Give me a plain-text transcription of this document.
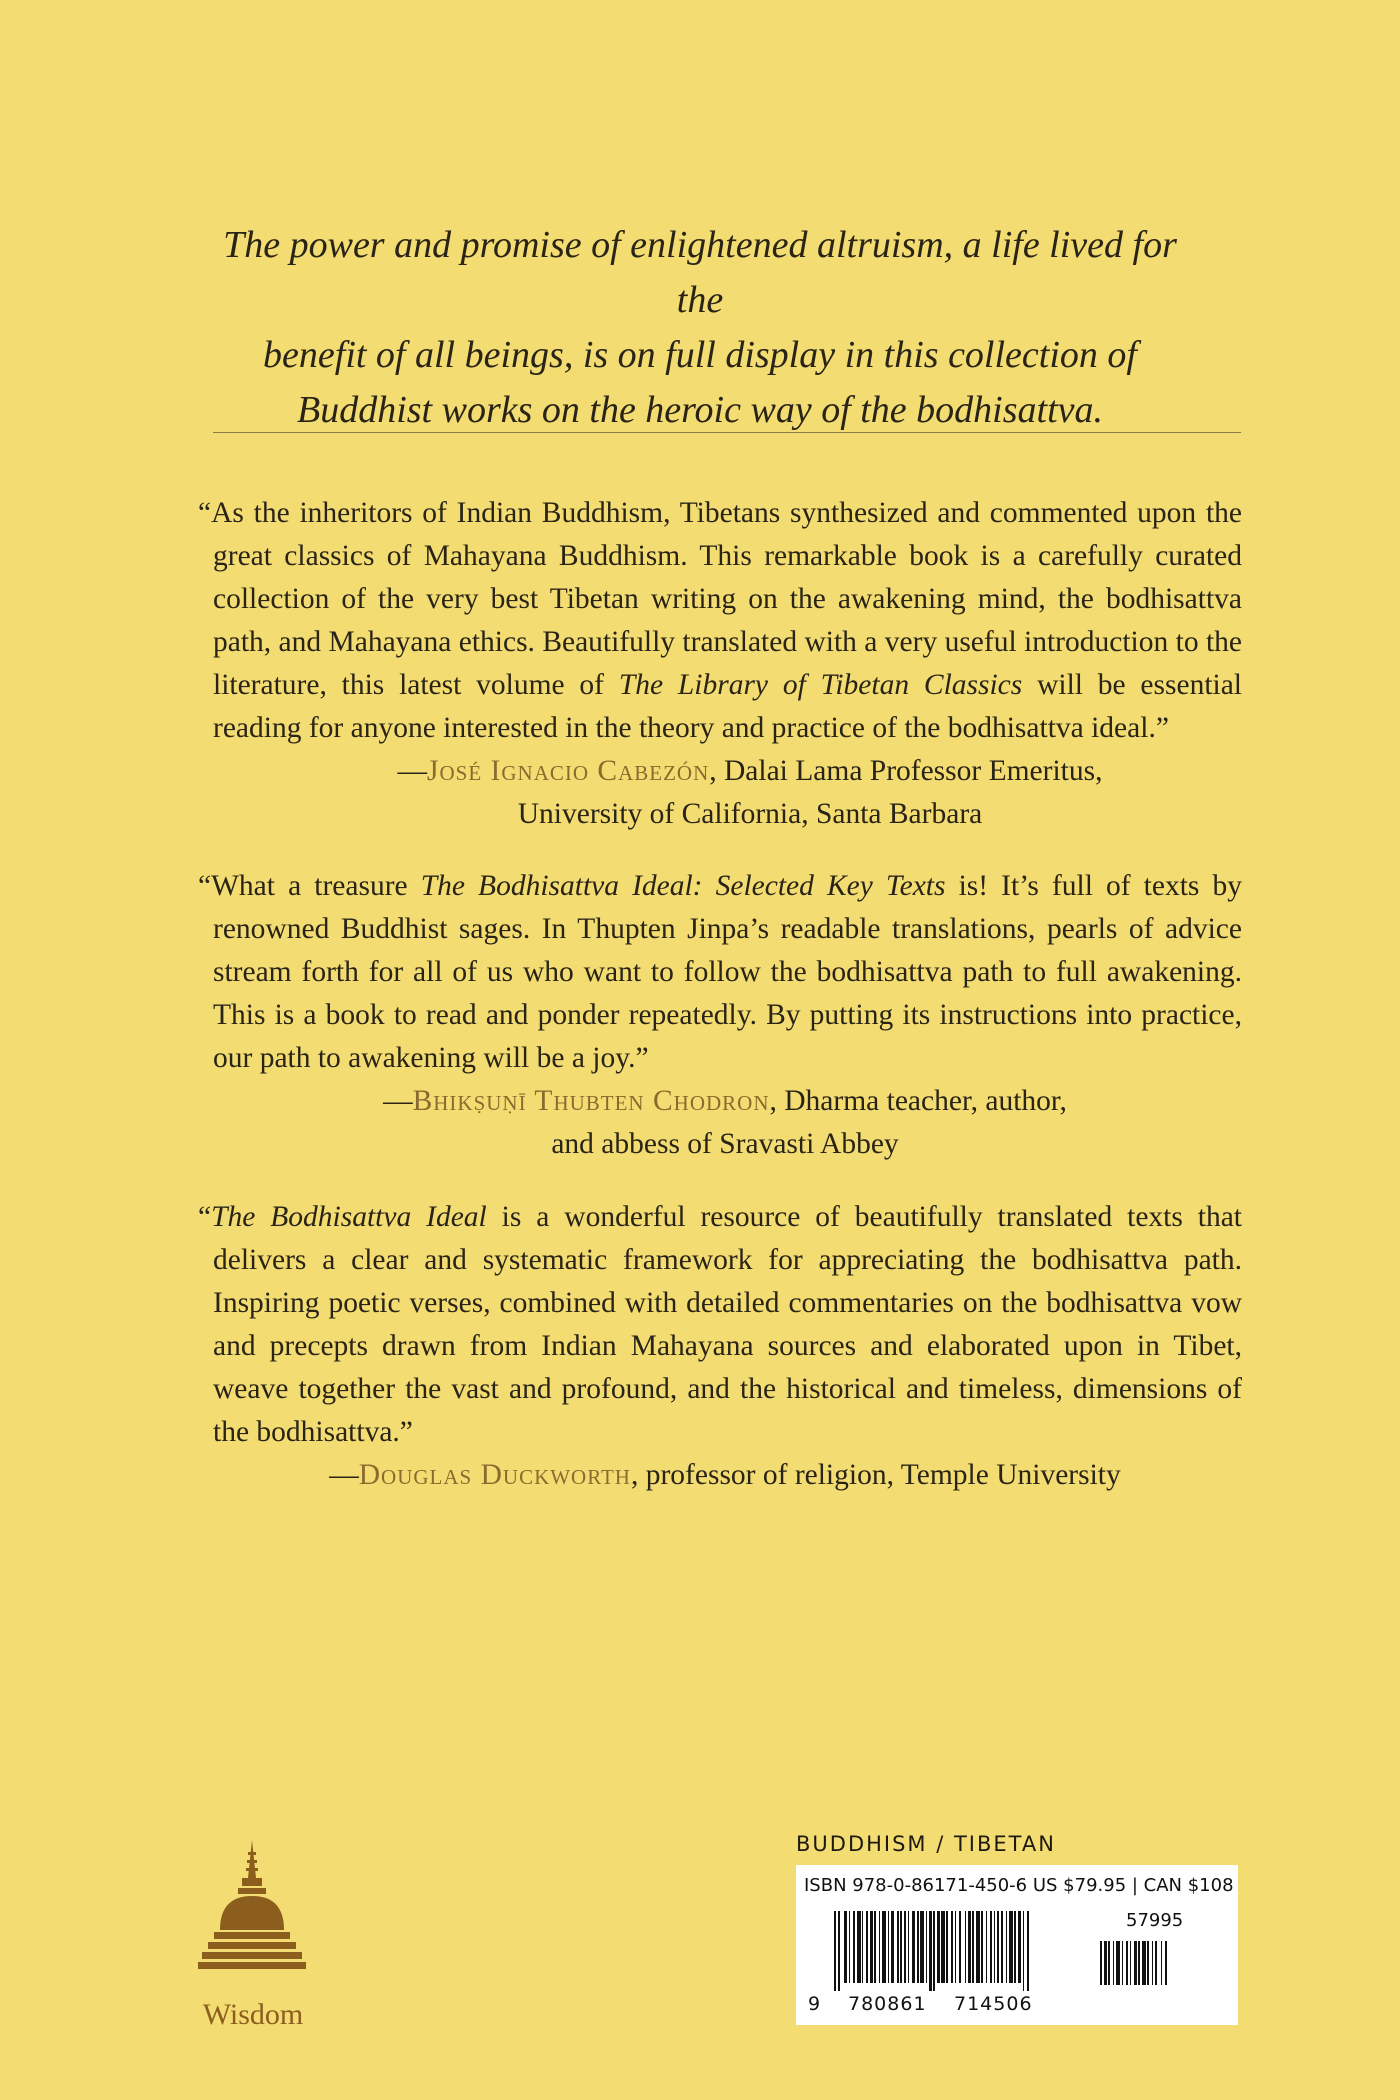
The power and promise of enlightened altruism, a life lived for the
benefit of all beings, is on full display in this collection of
Buddhist works on the heroic way of the bodhisattva.
“As the inheritors of Indian Buddhism, Tibetans synthesized and commented upon the great classics of Mahayana Buddhism. This remarkable book is a carefully curated collection of the very best Tibetan writing on the awakening mind, the bodhisattva path, and Mahayana ethics. Beautifully translated with a very useful introduction to the literature, this latest volume of The Library of Tibetan Classics will be essential reading for anyone interested in the theory and practice of the bodhisattva ideal.”
—José Ignacio Cabezón, Dalai Lama Professor Emeritus,
University of California, Santa Barbara
“What a treasure The Bodhisattva Ideal: Selected Key Texts is! It’s full of texts by renowned Buddhist sages. In Thupten Jinpa’s readable translations, pearls of advice stream forth for all of us who want to follow the bodhisattva path to full awakening. This is a book to read and ponder repeatedly. By putting its instructions into practice, our path to awakening will be a joy.”
—Bhikṣuṇī Thubten Chodron, Dharma teacher, author,
and abbess of Sravasti Abbey
“The Bodhisattva Ideal is a wonderful resource of beautifully translated texts that delivers a clear and systematic framework for appreciating the bodhisattva path. Inspiring poetic verses, combined with detailed commentaries on the bodhisattva vow and precepts drawn from Indian Mahayana sources and elaborated upon in Tibet, weave together the vast and profound, and the historical and timeless, dimensions of the bodhisattva.”
—Douglas Duckworth, professor of religion, Temple University
BUDDHISM / TIBETAN
ISBN 978-0-86171-450-6 US $79.95 | CAN $108
57995
9 780861 714506
Wisdom
